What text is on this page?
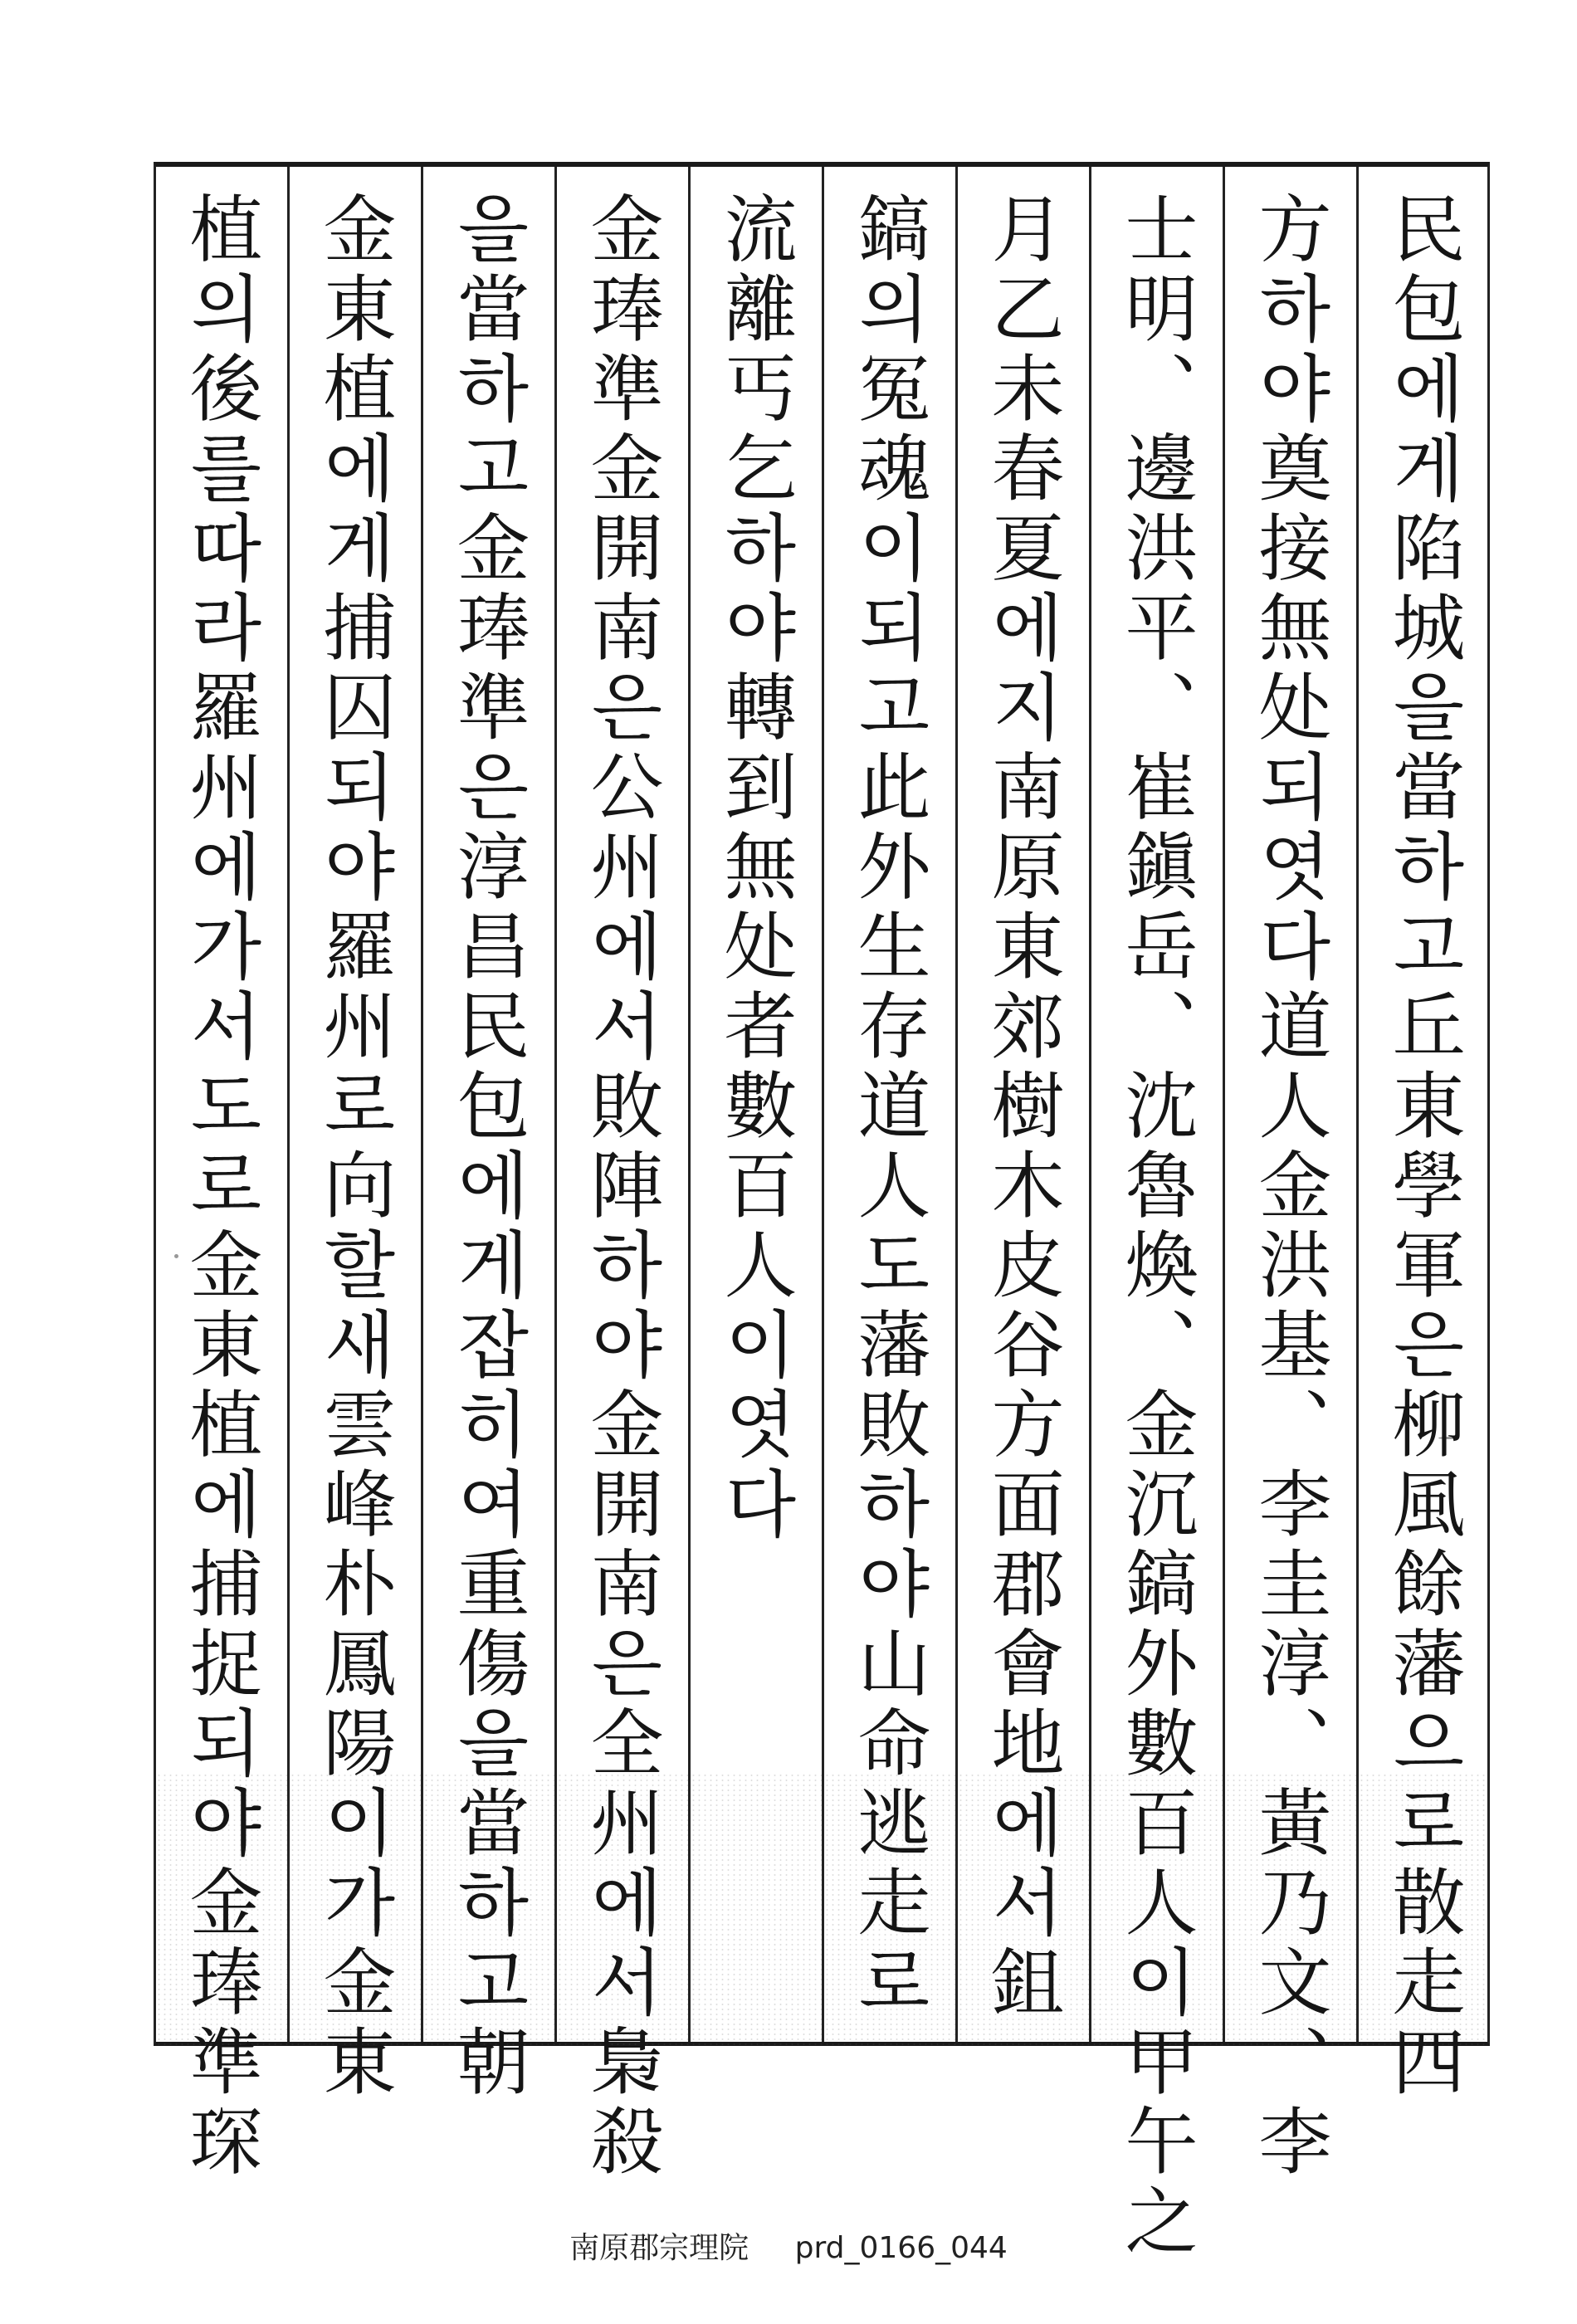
民包에게陷城을當하고丘東學軍은柳風餘藩으로散走四
方하야奠接無处되엿다道人金洪基、李圭淳、黃乃文、李
士明、邊洪平、崔鎭岳、沈魯煥、金沉鎬外數百人이甲午之
月乙未春夏에지南原東郊樹木皮谷方面郡會地에서鉏
鎬의冤魂이되고此外生存道人도藩敗하야山命逃走로
流離丐乞하야轉到無处者數百人이엿다
金琫準金開南은公州에서敗陣하야金開南은全州에서梟殺
을當하고金琫準은淳昌民包에게잡히여重傷을當하고朝
金東植에게捕囚되야羅州로向할새雲峰朴鳳陽이가金東
植의後를따라羅州에가서도로金東植에捕捉되야金琫準琛
南原郡宗理院 prd_0166_044
